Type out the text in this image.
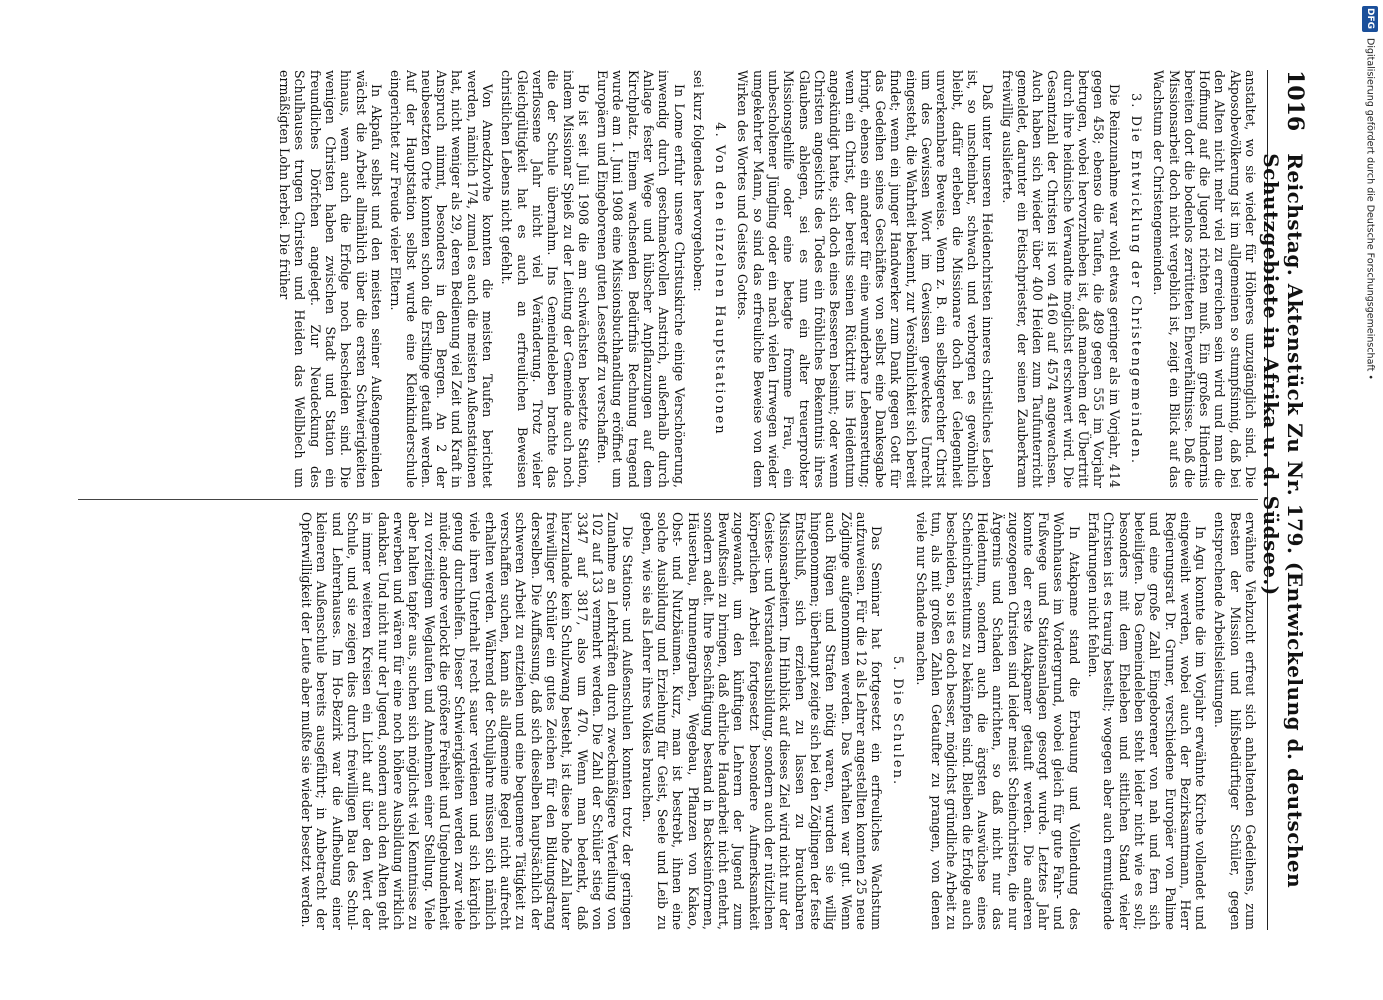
1016
Reichstag. Aktenstück Zu Nr. 179. (Entwickelung d. deutschen Schutzgebiete in Afrika u. d. Südsee.)

anstaltet, wo sie wieder für Höheres unzugänglich sind. Die Akposobevölkerung ist im allgemeinen so stumpfsinnig, daß bei den Alten nicht mehr viel zu erreichen sein wird und man die Hoffnung auf die Jugend richten muß. Ein großes Hindernis bereiten dort die bodenlos zerrütteten Eheverhältnisse. Daß die Missionsarbeit doch nicht vergeblich ist, zeigt ein Blick auf das Wachstum der Christengemeinden.

3. Die Entwicklung der Christengemeinden.

Die Reinzunahme war wohl etwas geringer als im Vorjahr, 414 gegen 458; ebenso die Taufen, die 489 gegen 555 im Vorjahr betrugen, wobei hervorzuheben ist, daß manchem der Übertritt durch ihre heidnische Verwandte möglichst erschwert wird. Die Gesamtzahl der Christen ist von 4160 auf 4574 angewachsen. Auch haben sich wieder über 400 Heiden zum Taufunterricht gemeldet, darunter ein Fetischpriester, der seinen Zauberkram freiwillig auslieferte.

Daß unter unseren Heidenchristen inneres christliches Leben ist, so unscheinbar, schwach und verborgen es gewöhnlich bleibt, dafür erleben die Missionare doch bei Gelegenheit unverkennbare Beweise. Wenn z. B. ein selbstgerechter Christ um des Gewissen Wort im Gewissen gewecktes Unrecht eingesteht, die Wahrheit bekennt, zur Versöhnlichkeit sich bereit findet; wenn ein junger Handwerker zum Dank gegen Gott für das Gedeihen seines Geschäftes von selbst eine Dankesgabe bringt, ebenso ein anderer für eine wunderbare Lebensrettung; wenn ein Christ, der bereits seinen Rücktritt ins Heidentum angekündigt hatte, sich doch eines Besseren besinnt; oder wenn Christen angesichts des Todes ein fröhliches Bekenntnis ihres Glaubens ablegen, sei es nun ein alter treuerprobter Missionsgehilfe oder eine betagte fromme Frau, ein unbescholtener Jüngling oder ein nach vielen Irrwegen wieder umgekehrter Mann, so sind das erfreuliche Beweise von dem Wirken des Wortes und Geistes Gottes.

4. Von den einzelnen Hauptstationen

sei kurz folgendes hervorgehoben:

In Lome erfuhr unsere Christuskirche einige Verschönerung, inwendig durch geschmackvollen Anstrich, außerhalb durch Anlage fester Wege und hübscher Anpflanzungen auf dem Kirchplatz. Einem wachsenden Bedürfnis Rechnung tragend wurde am 1. Juni 1908 eine Missionsbuchhandlung eröffnet um Europäern und Eingeborenen guten Lesestoff zu verschaffen.

Ho ist seit Juli 1908 die am schwächsten besetzte Station, indem Missionar Spieß zu der Leitung der Gemeinde auch noch die der Schule übernahm. Ins Gemeindeleben brachte das verflossene Jahr nicht viel Veränderung. Trotz vieler Gleichgültigkeit hat es auch an erfreulichen Beweisen christlichen Lebens nicht gefehlt.

Von Amedzhovhe konnten die meisten Taufen berichtet werden, nämlich 174, zumal es auch die meisten Außenstationen hat, nicht weniger als 29, deren Bedienung viel Zeit und Kraft in Anspruch nimmt, besonders in den Bergen. An 2 der neubesetzten Orte konnten schon die Erstlinge getauft werden. Auf der Hauptstation selbst wurde eine Kleinkinderschule eingerichtet zur Freude vieler Eltern.

In Akpafu selbst und den meisten seiner Außengemeinden wächst die Arbeit allmählich über die ersten Schwierigkeiten hinaus, wenn auch die Erfolge noch bescheiden sind. Die wenigen Christen haben zwischen Stadt und Station ein freundliches Dörfchen angelegt. Zur Neudeckung des Schulhauses trugen Christen und Heiden das Wellblech um ermäßigten Lohn herbei. Die früher

erwähnte Viehzucht erfreut sich anhaltenden Gedeihens, zum Besten der Mission und hilfsbedürftiger Schüler, gegen entsprechende Arbeitsleistungen.

In Agu konnte die im Vorjahr erwähnte Kirche vollendet und eingeweiht werden, wobei auch der Bezirksamtmann, Herr Regierungsrat Dr. Gruner, verschiedene Europäer von Palime und eine große Zahl Eingeborener von nah und fern sich beteiligten. Das Gemeindeleben steht leider nicht wie es soll; besonders mit dem Eheleben und sittlichen Stand vieler Christen ist es traurig bestellt; wogegen aber auch ermutigende Erfahrungen nicht fehlen.

In Atakpame stand die Erbauung und Vollendung des Wohnhauses im Vordergrund, wobei gleich für gute Fahr- und Fußwege und Stationsanlagen gesorgt wurde. Letztes Jahr konnte der erste Atakpamer getauft werden. Die anderen zugezogenen Christen sind leider meist Scheinchristen, die nur Ärgernis und Schaden anrichten, so daß nicht nur das Heidentum, sondern auch die ärgsten Auswüchse eines Scheinchristentums zu bekämpfen sind. Bleiben die Erfolge auch bescheiden, so ist es doch besser, möglichst gründliche Arbeit zu tun, als mit großen Zahlen Getaufter zu prangen, von denen viele nur Schande machen.

5. Die Schulen.

Das Seminar hat fortgesetzt ein erfreuliches Wachstum aufzuweisen. Für die 12 als Lehrer angestellten konnten 25 neue Zöglinge aufgenommen werden. Das Verhalten war gut. Wenn auch Rügen und Strafen nötig waren, wurden sie willig hingenommen; überhaupt zeigte sich bei den Zöglingen der feste Entschluß, sich erziehen zu lassen zu brauchbaren Missionsarbeitern. Im Hinblick auf dieses Ziel wird nicht nur der Geistes- und Verstandesausbildung, sondern auch der nützlichen körperlichen Arbeit fortgesetzt besondere Aufmerksamkeit zugewandt, um den künftigen Lehrern der Jugend zum Bewußtsein zu bringen, daß ehrliche Handarbeit nicht entehrt, sondern adelt. Ihre Beschäftigung bestand in Backsteinformen, Häuserbau, Brunnengraben, Wegebau, Pflanzen von Kakao, Obst- und Nutzbäumen. Kurz, man ist bestrebt, ihnen eine solche Ausbildung und Erziehung für Geist, Seele und Leib zu geben, wie sie als Lehrer ihres Volkes brauchen.

Die Stations- und Außenschulen konnten trotz der geringen Zunahme an Lehrkräften durch zweckmäßigere Verteilung von 102 auf 133 vermehrt werden. Die Zahl der Schüler stieg von 3347 auf 3817, also um 470. Wenn man bedenkt, daß hierzulande kein Schulzwang besteht, ist diese hohe Zahl lauter freiwilliger Schüler ein gutes Zeichen für den Bildungsdrang derselben. Die Auffassung, daß sich dieselben hauptsächlich der schweren Arbeit zu entziehen und eine bequemere Tätigkeit zu verschaffen suchen, kann als allgemeine Regel nicht aufrecht erhalten werden. Während der Schuljahre müssen sich nämlich viele ihren Unterhalt recht sauer verdienen und sich kärglich genug durchhelfen. Dieser Schwierigkeiten werden zwar viele müde; andere verlockt die größere Freiheit und Ungebundenheit zu vorzeitigem Weglaufen und Annehmen einer Stellung. Viele aber halten tapfer aus, suchen sich möglichst viel Kenntnisse zu erwerben und wären für eine noch höhere Ausbildung wirklich dankbar. Und nicht nur der Jugend, sondern auch den Alten geht in immer weiteren Kreisen ein Licht auf über den Wert der Schule, und sie zeigen dies durch freiwilligen Bau des Schul- und Lehrerhauses. Im Ho-Bezirk war die Aufhebung einer kleineren Außenschule bereits ausgeführt; in Anbetracht der Opferwilligkeit der Leute aber mußte sie wieder besetzt werden.

DFG
Digitalisierung gefördert durch die Deutsche Forschungsgemeinschaft •
